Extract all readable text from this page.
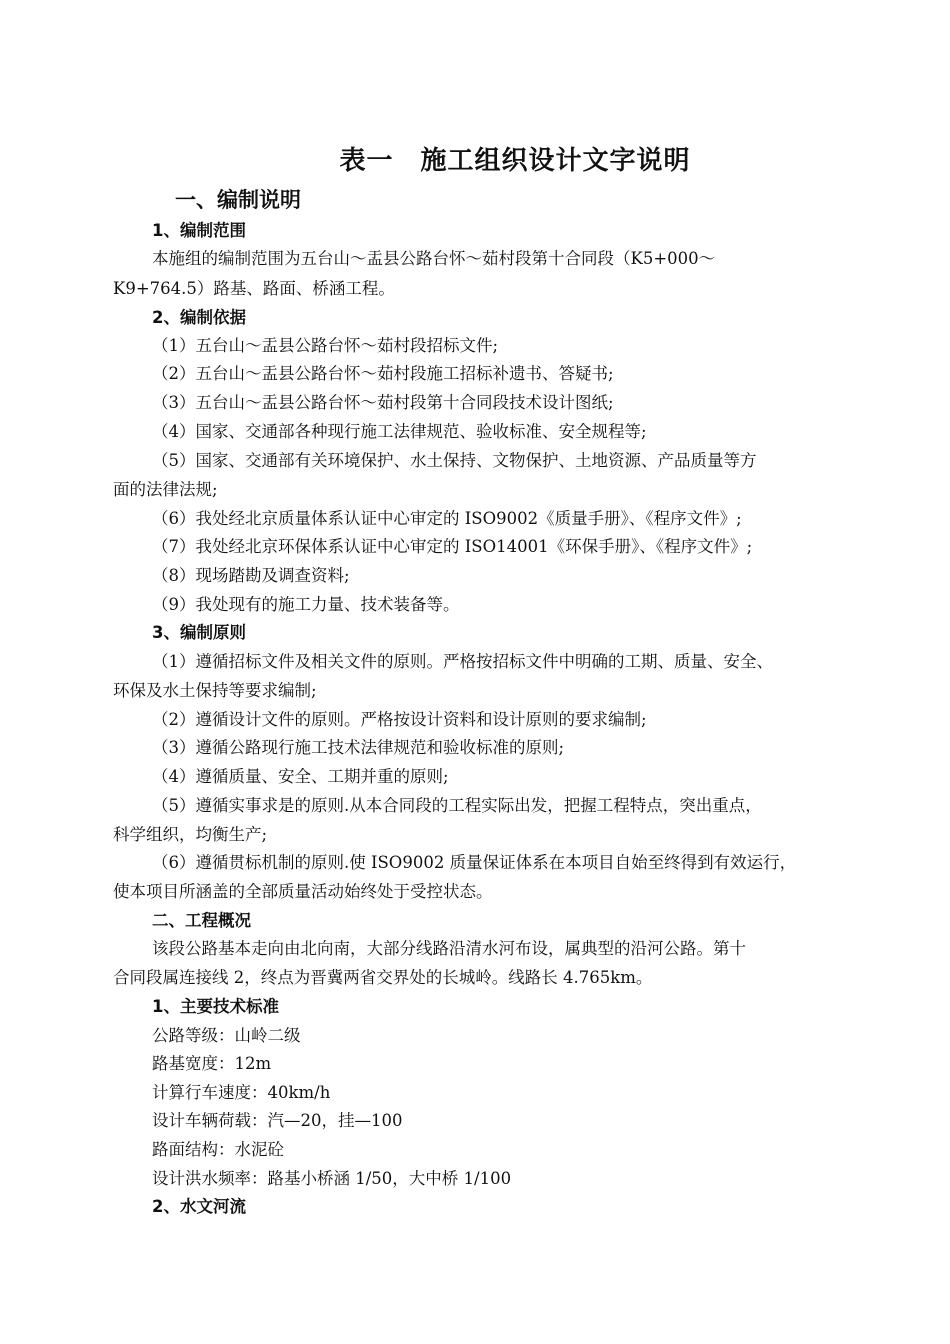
表一　施工组织设计文字说明
一、编制说明
1、编制范围
本施组的编制范围为五台山～盂县公路台怀～茹村段第十合同段（K5+000～
K9+764.5）路基、路面、桥涵工程。
2、编制依据
（1）五台山～盂县公路台怀～茹村段招标文件;
（2）五台山～盂县公路台怀～茹村段施工招标补遗书、答疑书;
（3）五台山～盂县公路台怀～茹村段第十合同段技术设计图纸;
（4）国家、交通部各种现行施工法律规范、验收标准、安全规程等;
（5）国家、交通部有关环境保护、水土保持、文物保护、土地资源、产品质量等方
面的法律法规;
（6）我处经北京质量体系认证中心审定的 ISO9002《质量手册》、《程序文件》;
（7）我处经北京环保体系认证中心审定的 ISO14001《环保手册》、《程序文件》;
（8）现场踏勘及调查资料;
（9）我处现有的施工力量、技术装备等。
3、编制原则
（1）遵循招标文件及相关文件的原则。严格按招标文件中明确的工期、质量、安全、
环保及水土保持等要求编制;
（2）遵循设计文件的原则。严格按设计资料和设计原则的要求编制;
（3）遵循公路现行施工技术法律规范和验收标准的原则;
（4）遵循质量、安全、工期并重的原则;
（5）遵循实事求是的原则.从本合同段的工程实际出发，把握工程特点，突出重点，
科学组织，均衡生产;
（6）遵循贯标机制的原则.使 ISO9002 质量保证体系在本项目自始至终得到有效运行，
使本项目所涵盖的全部质量活动始终处于受控状态。
二、工程概况
该段公路基本走向由北向南，大部分线路沿清水河布设，属典型的沿河公路。第十
合同段属连接线 2，终点为晋冀两省交界处的长城岭。线路长 4.765km。
1、主要技术标准
公路等级：山岭二级
路基宽度：12m
计算行车速度：40km/h
设计车辆荷载：汽—20，挂—100
路面结构：水泥砼
设计洪水频率：路基小桥涵 1/50，大中桥 1/100
2、水文河流
